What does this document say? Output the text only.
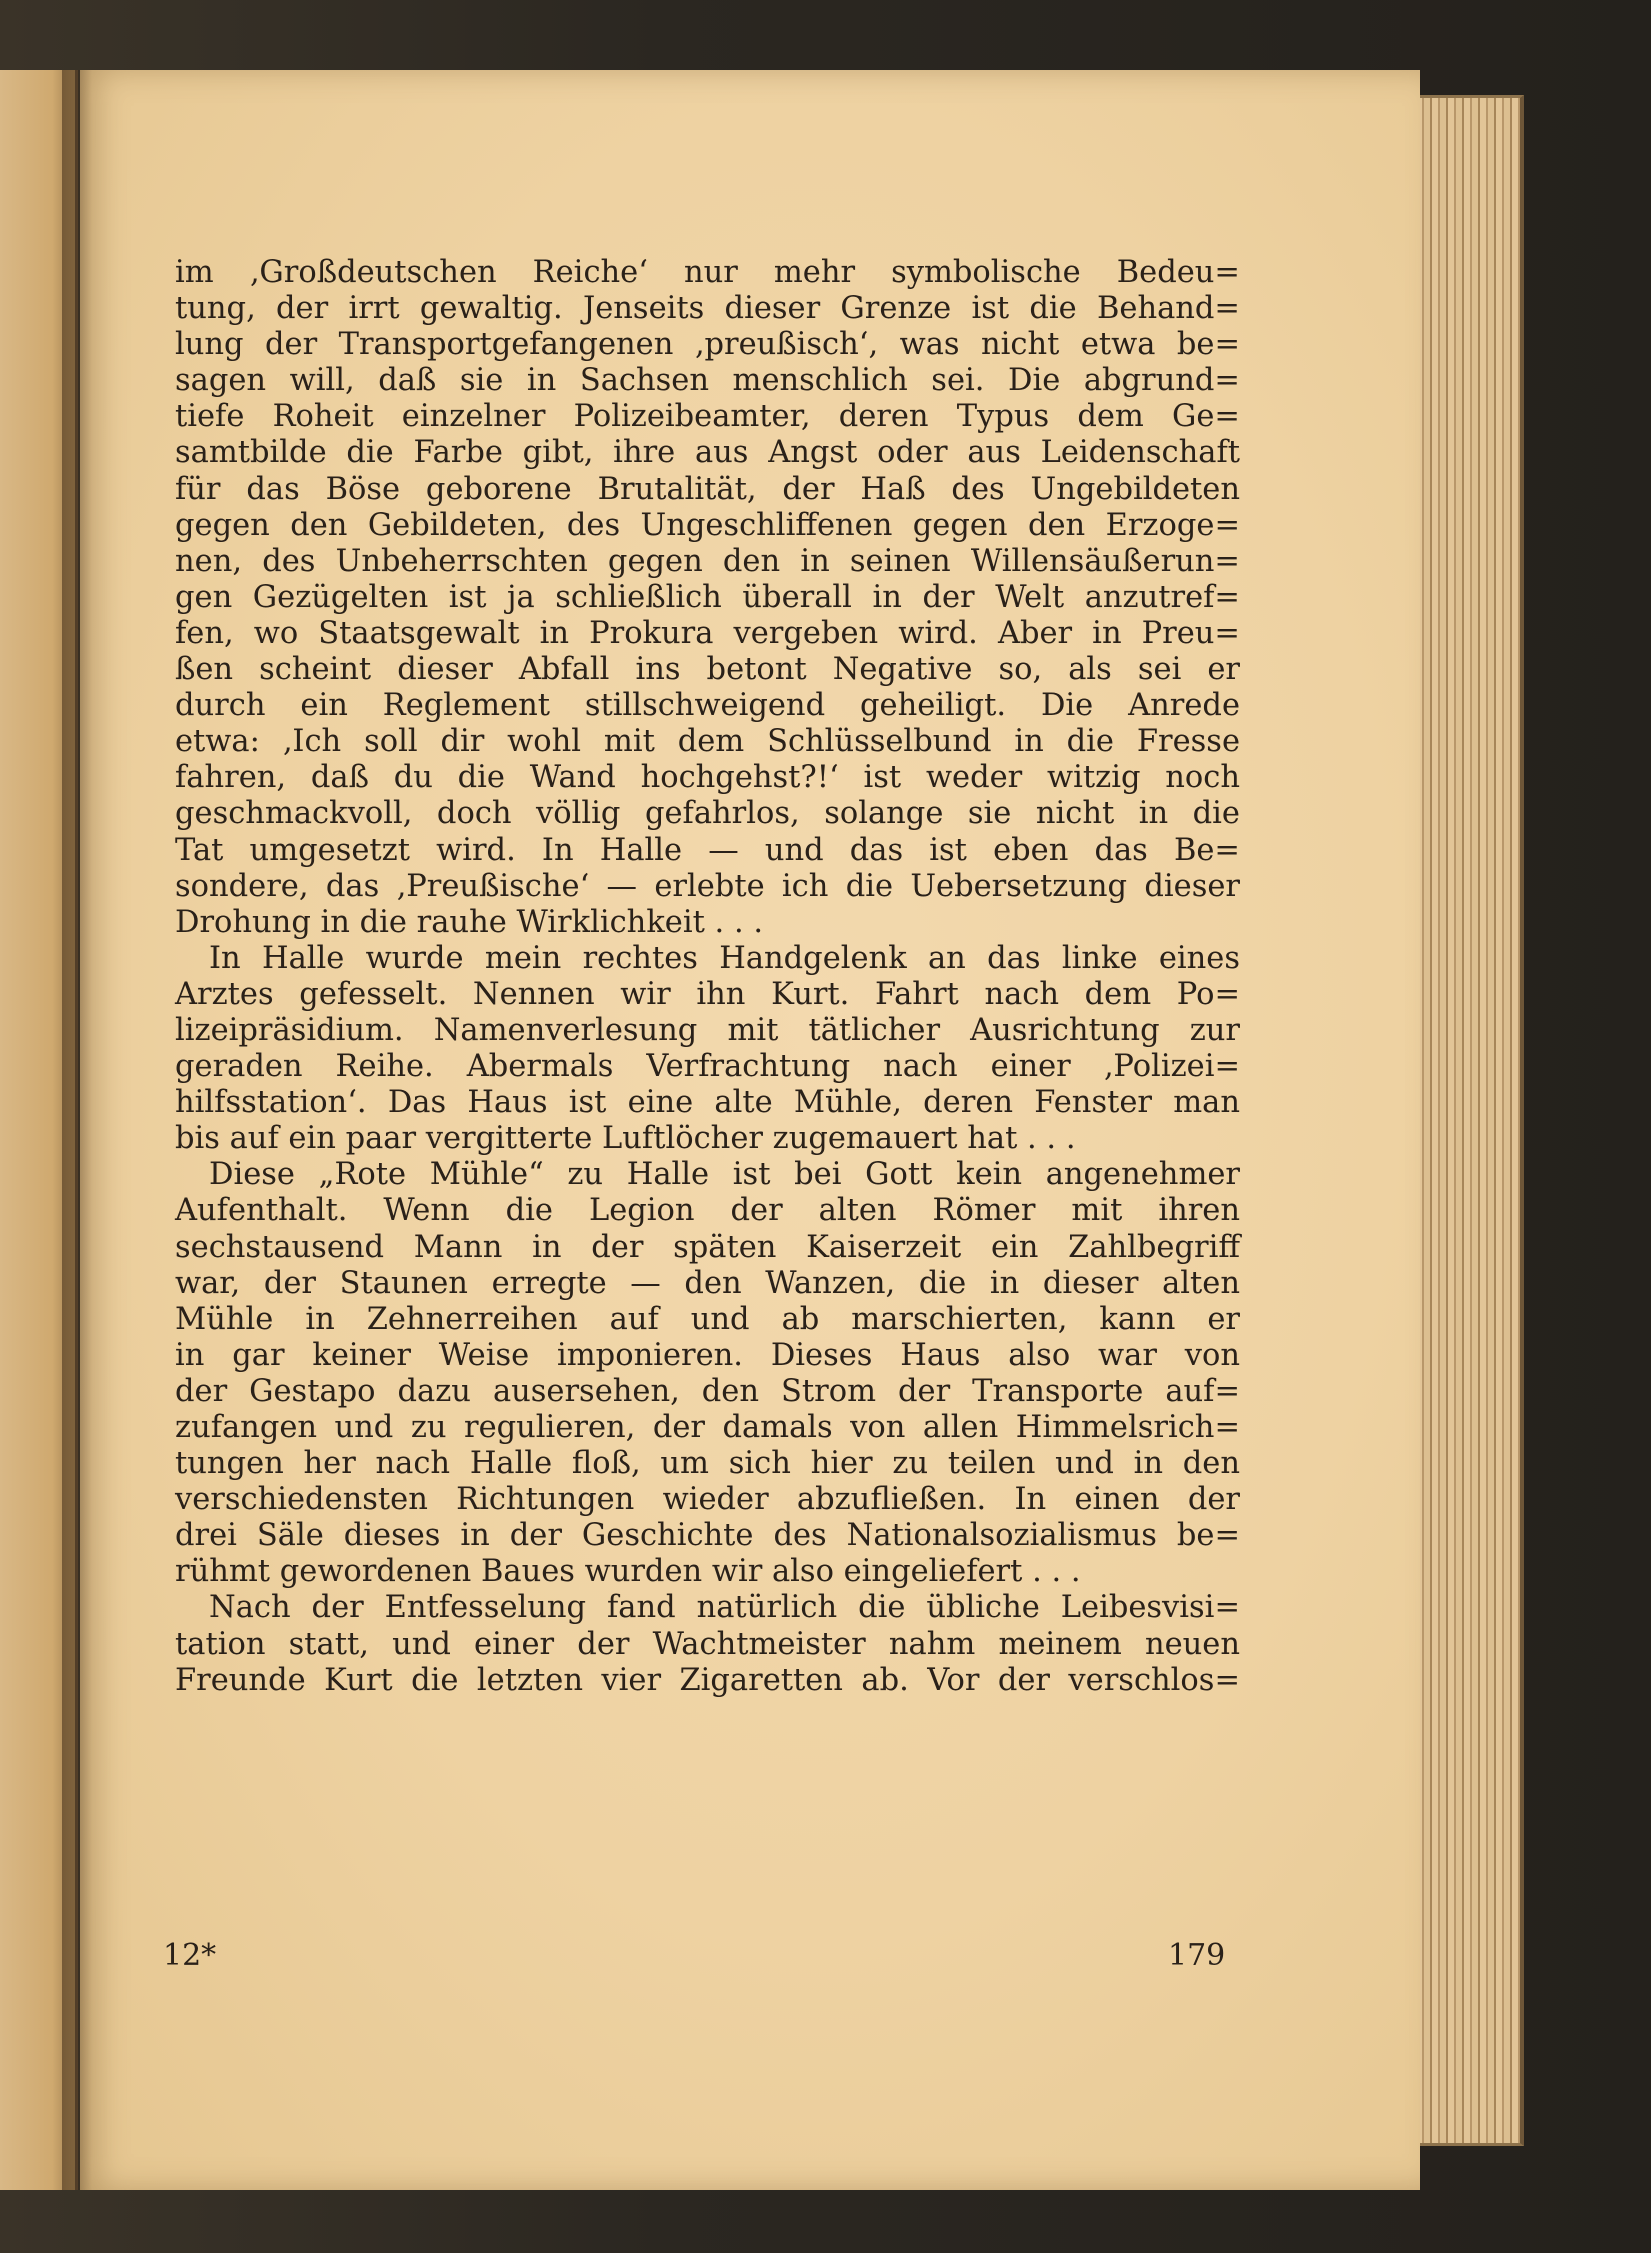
im ‚Großdeutschen Reiche‘ nur mehr symbolische Bedeu=
tung, der irrt gewaltig. Jenseits dieser Grenze ist die Behand=
lung der Transportgefangenen ‚preußisch‘, was nicht etwa be=
sagen will, daß sie in Sachsen menschlich sei. Die abgrund=
tiefe Roheit einzelner Polizeibeamter, deren Typus dem Ge=
samtbilde die Farbe gibt, ihre aus Angst oder aus Leidenschaft
für das Böse geborene Brutalität, der Haß des Ungebildeten
gegen den Gebildeten, des Ungeschliffenen gegen den Erzoge=
nen, des Unbeherrschten gegen den in seinen Willensäußerun=
gen Gezügelten ist ja schließlich überall in der Welt anzutref=
fen, wo Staatsgewalt in Prokura vergeben wird. Aber in Preu=
ßen scheint dieser Abfall ins betont Negative so, als sei er
durch ein Reglement stillschweigend geheiligt. Die Anrede
etwa: ‚Ich soll dir wohl mit dem Schlüsselbund in die Fresse
fahren, daß du die Wand hochgehst?!‘ ist weder witzig noch
geschmackvoll, doch völlig gefahrlos, solange sie nicht in die
Tat umgesetzt wird. In Halle — und das ist eben das Be=
sondere, das ‚Preußische‘ — erlebte ich die Uebersetzung dieser
Drohung in die rauhe Wirklichkeit . . .
In Halle wurde mein rechtes Handgelenk an das linke eines
Arztes gefesselt. Nennen wir ihn Kurt. Fahrt nach dem Po=
lizeipräsidium. Namenverlesung mit tätlicher Ausrichtung zur
geraden Reihe. Abermals Verfrachtung nach einer ‚Polizei=
hilfsstation‘. Das Haus ist eine alte Mühle, deren Fenster man
bis auf ein paar vergitterte Luftlöcher zugemauert hat . . .
Diese „Rote Mühle“ zu Halle ist bei Gott kein angenehmer
Aufenthalt. Wenn die Legion der alten Römer mit ihren
sechstausend Mann in der späten Kaiserzeit ein Zahlbegriff
war, der Staunen erregte — den Wanzen, die in dieser alten
Mühle in Zehnerreihen auf und ab marschierten, kann er
in gar keiner Weise imponieren. Dieses Haus also war von
der Gestapo dazu ausersehen, den Strom der Transporte auf=
zufangen und zu regulieren, der damals von allen Himmelsrich=
tungen her nach Halle floß, um sich hier zu teilen und in den
verschiedensten Richtungen wieder abzufließen. In einen der
drei Säle dieses in der Geschichte des Nationalsozialismus be=
rühmt gewordenen Baues wurden wir also eingeliefert . . .
Nach der Entfesselung fand natürlich die übliche Leibesvisi=
tation statt, und einer der Wachtmeister nahm meinem neuen
Freunde Kurt die letzten vier Zigaretten ab. Vor der verschlos=
12*	179
